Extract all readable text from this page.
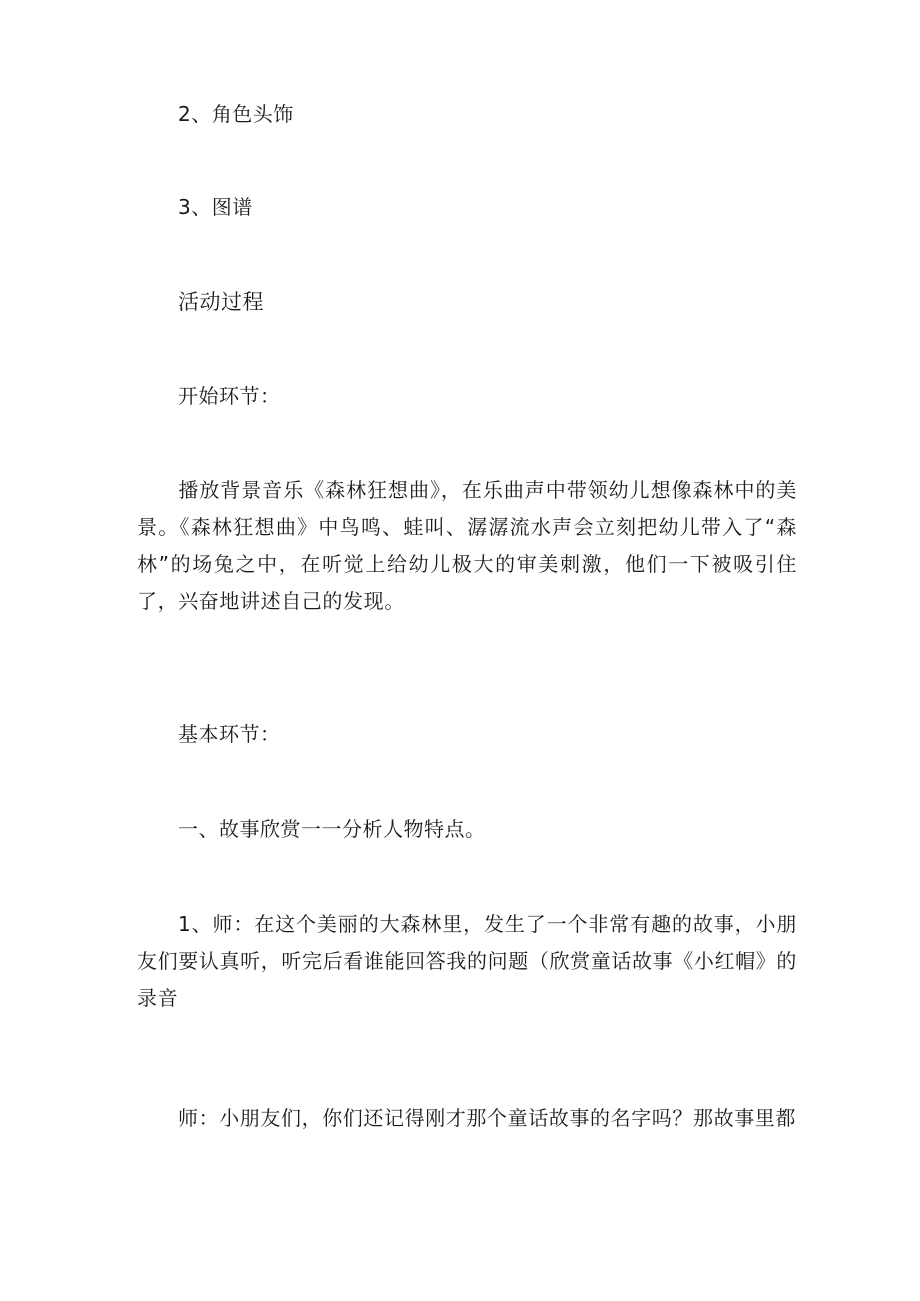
2、角色头饰
3、图谱
活动过程
开始环节：
播放背景音乐《森林狂想曲》，在乐曲声中带领幼儿想像森林中的美景。《森林狂想曲》中鸟鸣、蛙叫、潺潺流水声会立刻把幼儿带入了“森林”的场兔之中，在听觉上给幼儿极大的审美刺激，他们一下被吸引住了，兴奋地讲述自己的发现。
基本环节：
一、故事欣赏一一分析人物特点。
1、师：在这个美丽的大森林里，发生了一个非常有趣的故事，小朋友们要认真听，听完后看谁能回答我的问题（欣赏童话故事《小红帽》的录音
师：小朋友们，你们还记得刚才那个童话故事的名字吗？那故事里都
